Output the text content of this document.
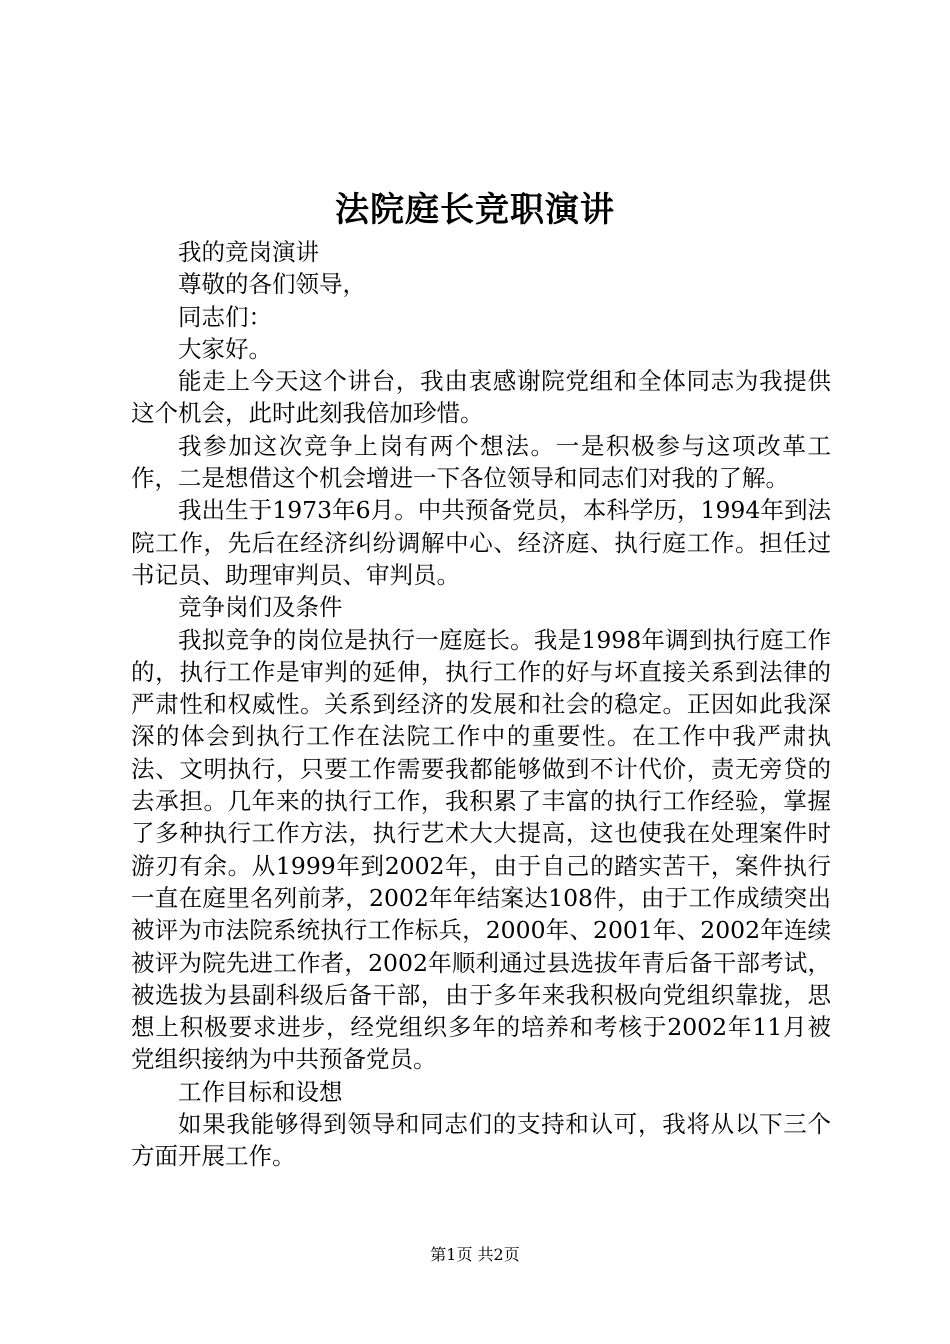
法院庭长竞职演讲

我的竞岗演讲

尊敬的各们领导，

同志们：

大家好。

能走上今天这个讲台，我由衷感谢院党组和全体同志为我提供这个机会，此时此刻我倍加珍惜。

我参加这次竞争上岗有两个想法。一是积极参与这项改革工作，二是想借这个机会增进一下各位领导和同志们对我的了解。

我出生于1973年6月。中共预备党员，本科学历，1994年到法院工作，先后在经济纠纷调解中心、经济庭、执行庭工作。担任过书记员、助理审判员、审判员。

竞争岗们及条件

我拟竞争的岗位是执行一庭庭长。我是1998年调到执行庭工作的，执行工作是审判的延伸，执行工作的好与坏直接关系到法律的严肃性和权威性。关系到经济的发展和社会的稳定。正因如此我深深的体会到执行工作在法院工作中的重要性。在工作中我严肃执法、文明执行，只要工作需要我都能够做到不计代价，责无旁贷的去承担。几年来的执行工作，我积累了丰富的执行工作经验，掌握了多种执行工作方法，执行艺术大大提高，这也使我在处理案件时游刃有余。从1999年到2002年，由于自己的踏实苦干，案件执行一直在庭里名列前茅，2002年年结案达108件，由于工作成绩突出被评为市法院系统执行工作标兵，2000年、2001年、2002年连续被评为院先进工作者，2002年顺利通过县选拔年青后备干部考试，被选拔为县副科级后备干部，由于多年来我积极向党组织靠拢，思想上积极要求进步，经党组织多年的培养和考核于2002年11月被党组织接纳为中共预备党员。

工作目标和设想

如果我能够得到领导和同志们的支持和认可，我将从以下三个方面开展工作。

第1页 共2页
